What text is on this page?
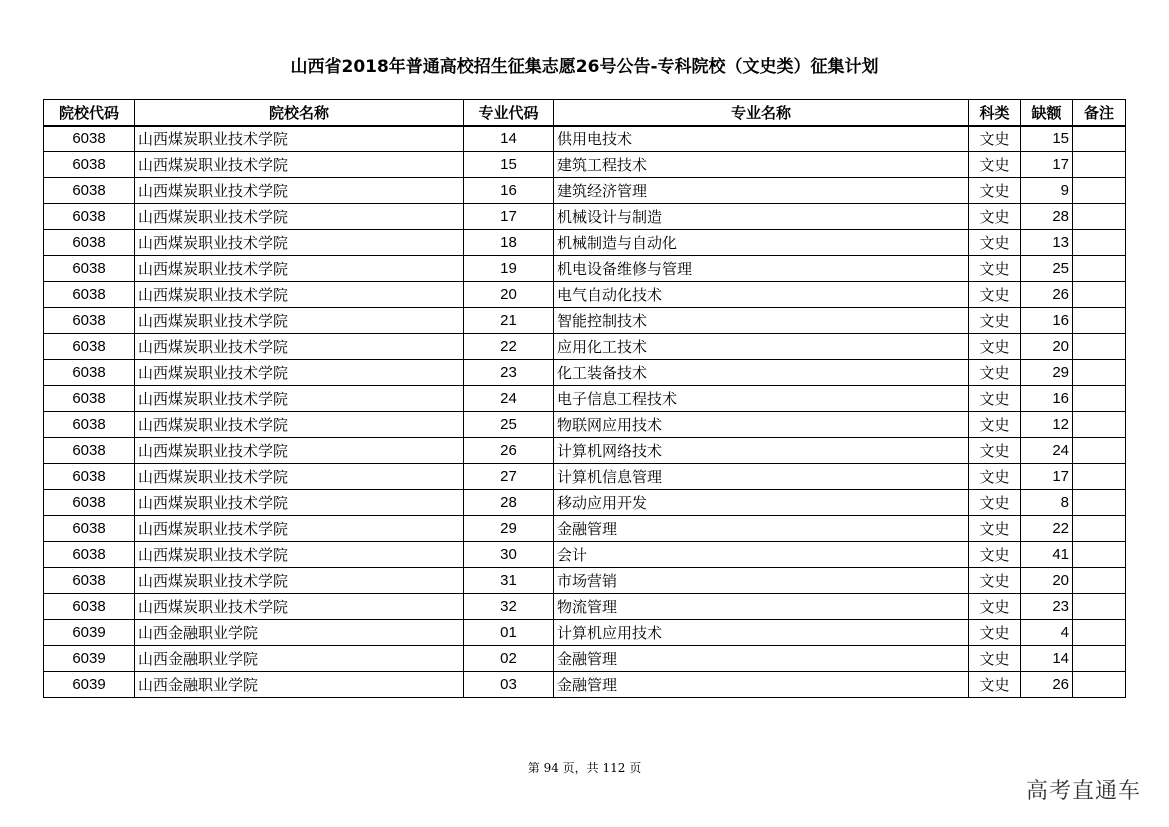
山西省2018年普通高校招生征集志愿26号公告-专科院校（文史类）征集计划
院校代码	院校名称	专业代码	专业名称	科类	缺额	备注
6038	山西煤炭职业技术学院	14	供用电技术	文史	15	
6038	山西煤炭职业技术学院	15	建筑工程技术	文史	17	
6038	山西煤炭职业技术学院	16	建筑经济管理	文史	9	
6038	山西煤炭职业技术学院	17	机械设计与制造	文史	28	
6038	山西煤炭职业技术学院	18	机械制造与自动化	文史	13	
6038	山西煤炭职业技术学院	19	机电设备维修与管理	文史	25	
6038	山西煤炭职业技术学院	20	电气自动化技术	文史	26	
6038	山西煤炭职业技术学院	21	智能控制技术	文史	16	
6038	山西煤炭职业技术学院	22	应用化工技术	文史	20	
6038	山西煤炭职业技术学院	23	化工装备技术	文史	29	
6038	山西煤炭职业技术学院	24	电子信息工程技术	文史	16	
6038	山西煤炭职业技术学院	25	物联网应用技术	文史	12	
6038	山西煤炭职业技术学院	26	计算机网络技术	文史	24	
6038	山西煤炭职业技术学院	27	计算机信息管理	文史	17	
6038	山西煤炭职业技术学院	28	移动应用开发	文史	8	
6038	山西煤炭职业技术学院	29	金融管理	文史	22	
6038	山西煤炭职业技术学院	30	会计	文史	41	
6038	山西煤炭职业技术学院	31	市场营销	文史	20	
6038	山西煤炭职业技术学院	32	物流管理	文史	23	
6039	山西金融职业学院	01	计算机应用技术	文史	4	
6039	山西金融职业学院	02	金融管理	文史	14	
6039	山西金融职业学院	03	金融管理	文史	26	
第 94 页，共 112 页
高考直通车
